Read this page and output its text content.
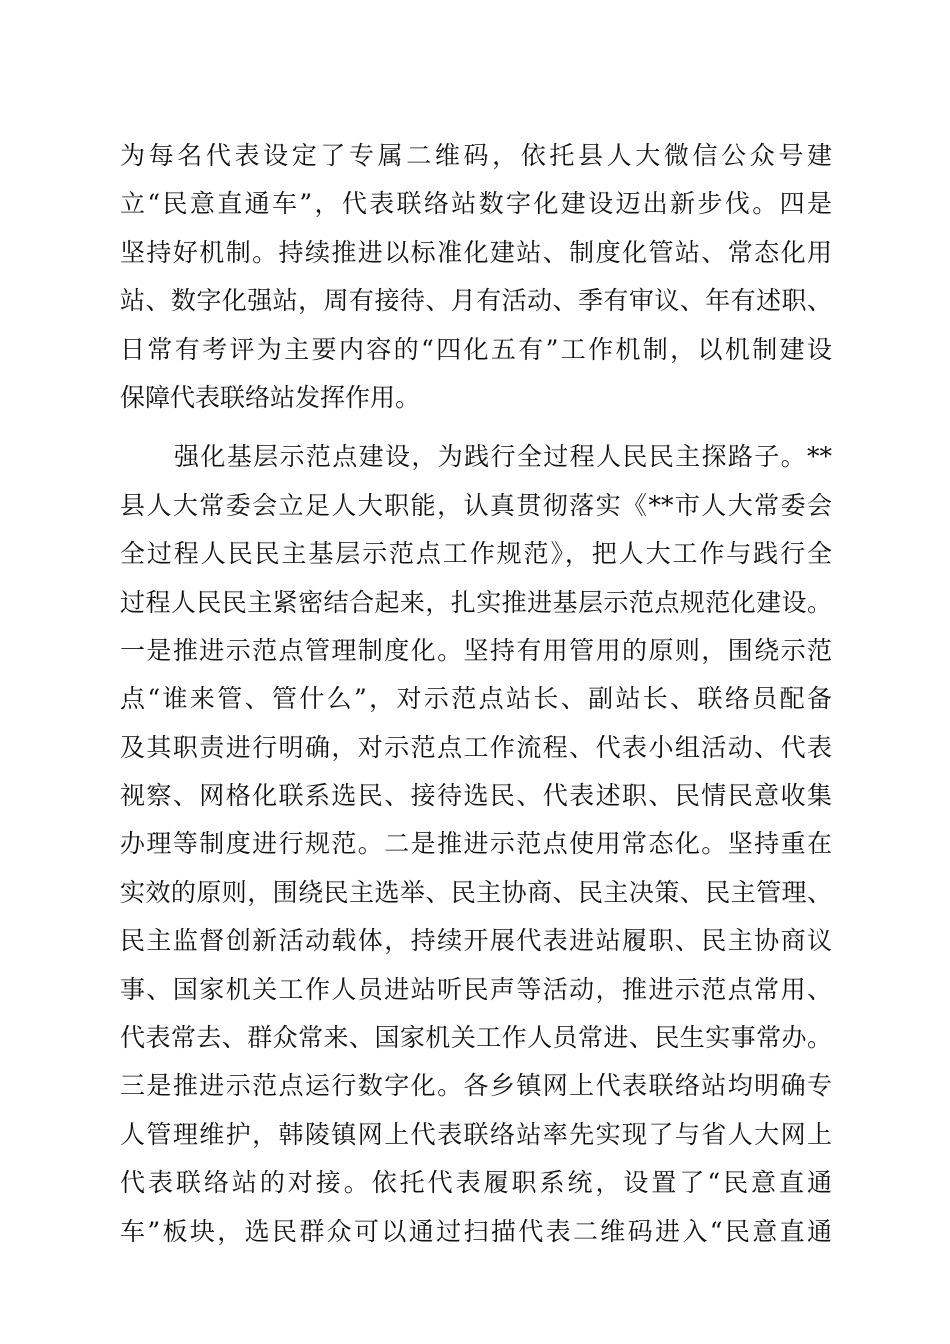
为每名代表设定了专属二维码，依托县人大微信公众号建
立“民意直通车”，代表联络站数字化建设迈出新步伐。四是
坚持好机制。持续推进以标准化建站、制度化管站、常态化用
站、数字化强站，周有接待、月有活动、季有审议、年有述职、
日常有考评为主要内容的“四化五有”工作机制，以机制建设
保障代表联络站发挥作用。
强化基层示范点建设，为践行全过程人民民主探路子。**
县人大常委会立足人大职能，认真贯彻落实《**市人大常委会
全过程人民民主基层示范点工作规范》，把人大工作与践行全
过程人民民主紧密结合起来，扎实推进基层示范点规范化建设。
一是推进示范点管理制度化。坚持有用管用的原则，围绕示范
点“谁来管、管什么”，对示范点站长、副站长、联络员配备
及其职责进行明确，对示范点工作流程、代表小组活动、代表
视察、网格化联系选民、接待选民、代表述职、民情民意收集
办理等制度进行规范。二是推进示范点使用常态化。坚持重在
实效的原则，围绕民主选举、民主协商、民主决策、民主管理、
民主监督创新活动载体，持续开展代表进站履职、民主协商议
事、国家机关工作人员进站听民声等活动，推进示范点常用、
代表常去、群众常来、国家机关工作人员常进、民生实事常办。
三是推进示范点运行数字化。各乡镇网上代表联络站均明确专
人管理维护，韩陵镇网上代表联络站率先实现了与省人大网上
代表联络站的对接。依托代表履职系统，设置了“民意直通
车”板块，选民群众可以通过扫描代表二维码进入“民意直通
